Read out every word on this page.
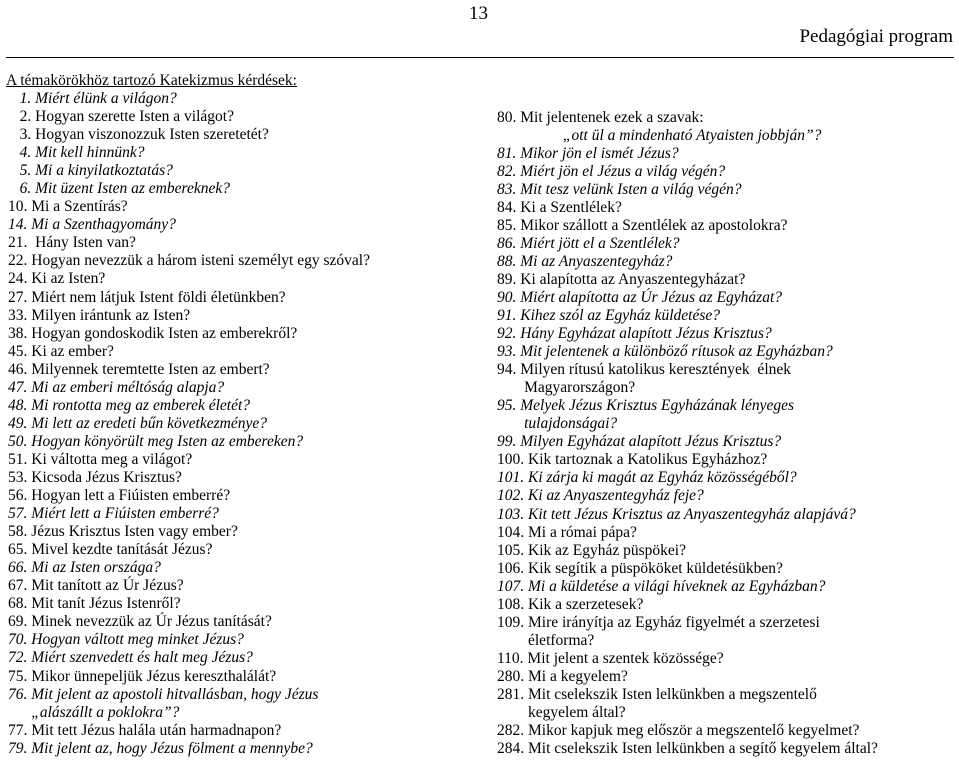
13
Pedagógiai program
A témakörökhöz tartozó Katekizmus kérdések:
1. Miért élünk a világon?
2. Hogyan szerette Isten a világot?
3. Hogyan viszonozzuk Isten szeretetét?
4. Mit kell hinnünk?
5. Mi a kinyilatkoztatás?
6. Mit üzent Isten az embereknek?
10. Mi a Szentírás?
14. Mi a Szenthagyomány?
21.  Hány Isten van?
22. Hogyan nevezzük a három isteni személyt egy szóval?
24. Ki az Isten?
27. Miért nem látjuk Istent földi életünkben?
33. Milyen irántunk az Isten?
38. Hogyan gondoskodik Isten az emberekről?
45. Ki az ember?
46. Milyennek teremtette Isten az embert?
47. Mi az emberi méltóság alapja?
48. Mi rontotta meg az emberek életét?
49. Mi lett az eredeti bűn következménye?
50. Hogyan könyörült meg Isten az embereken?
51. Ki váltotta meg a világot?
53. Kicsoda Jézus Krisztus?
56. Hogyan lett a Fiúisten emberré?
57. Miért lett a Fiúisten emberré?
58. Jézus Krisztus Isten vagy ember?
65. Mivel kezdte tanítását Jézus?
66. Mi az Isten országa?
67. Mit tanított az Úr Jézus?
68. Mit tanít Jézus Istenről?
69. Minek nevezzük az Úr Jézus tanítását?
70. Hogyan váltott meg minket Jézus?
72. Miért szenvedett és halt meg Jézus?
75. Mikor ünnepeljük Jézus kereszthalálát?
76. Mit jelent az apostoli hitvallásban, hogy Jézus
„alászállt a poklokra”?
77. Mit tett Jézus halála után harmadnapon?
79. Mit jelent az, hogy Jézus fölment a mennybe?
80. Mit jelentenek ezek a szavak:
„ott ül a mindenható Atyaisten jobbján”?
81. Mikor jön el ismét Jézus?
82. Miért jön el Jézus a világ végén?
83. Mit tesz velünk Isten a világ végén?
84. Ki a Szentlélek?
85. Mikor szállott a Szentlélek az apostolokra?
86. Miért jött el a Szentlélek?
88. Mi az Anyaszentegyház?
89. Ki alapította az Anyaszentegyházat?
90. Miért alapította az Úr Jézus az Egyházat?
91. Kihez szól az Egyház küldetése?
92. Hány Egyházat alapított Jézus Krisztus?
93. Mit jelentenek a különböző rítusok az Egyházban?
94. Milyen rítusú katolikus keresztények  élnek
Magyarországon?
95. Melyek Jézus Krisztus Egyházának lényeges
tulajdonságai?
99. Milyen Egyházat alapított Jézus Krisztus?
100. Kik tartoznak a Katolikus Egyházhoz?
101. Ki zárja ki magát az Egyház közösségéből?
102. Ki az Anyaszentegyház feje?
103. Kit tett Jézus Krisztus az Anyaszentegyház alapjává?
104. Mi a római pápa?
105. Kik az Egyház püspökei?
106. Kik segítik a püspököket küldetésükben?
107. Mi a küldetése a világi híveknek az Egyházban?
108. Kik a szerzetesek?
109. Mire irányítja az Egyház figyelmét a szerzetesi
életforma?
110. Mit jelent a szentek közössége?
280. Mi a kegyelem?
281. Mit cselekszik Isten lelkünkben a megszentelő
kegyelem által?
282. Mikor kapjuk meg először a megszentelő kegyelmet?
284. Mit cselekszik Isten lelkünkben a segítő kegyelem által?
